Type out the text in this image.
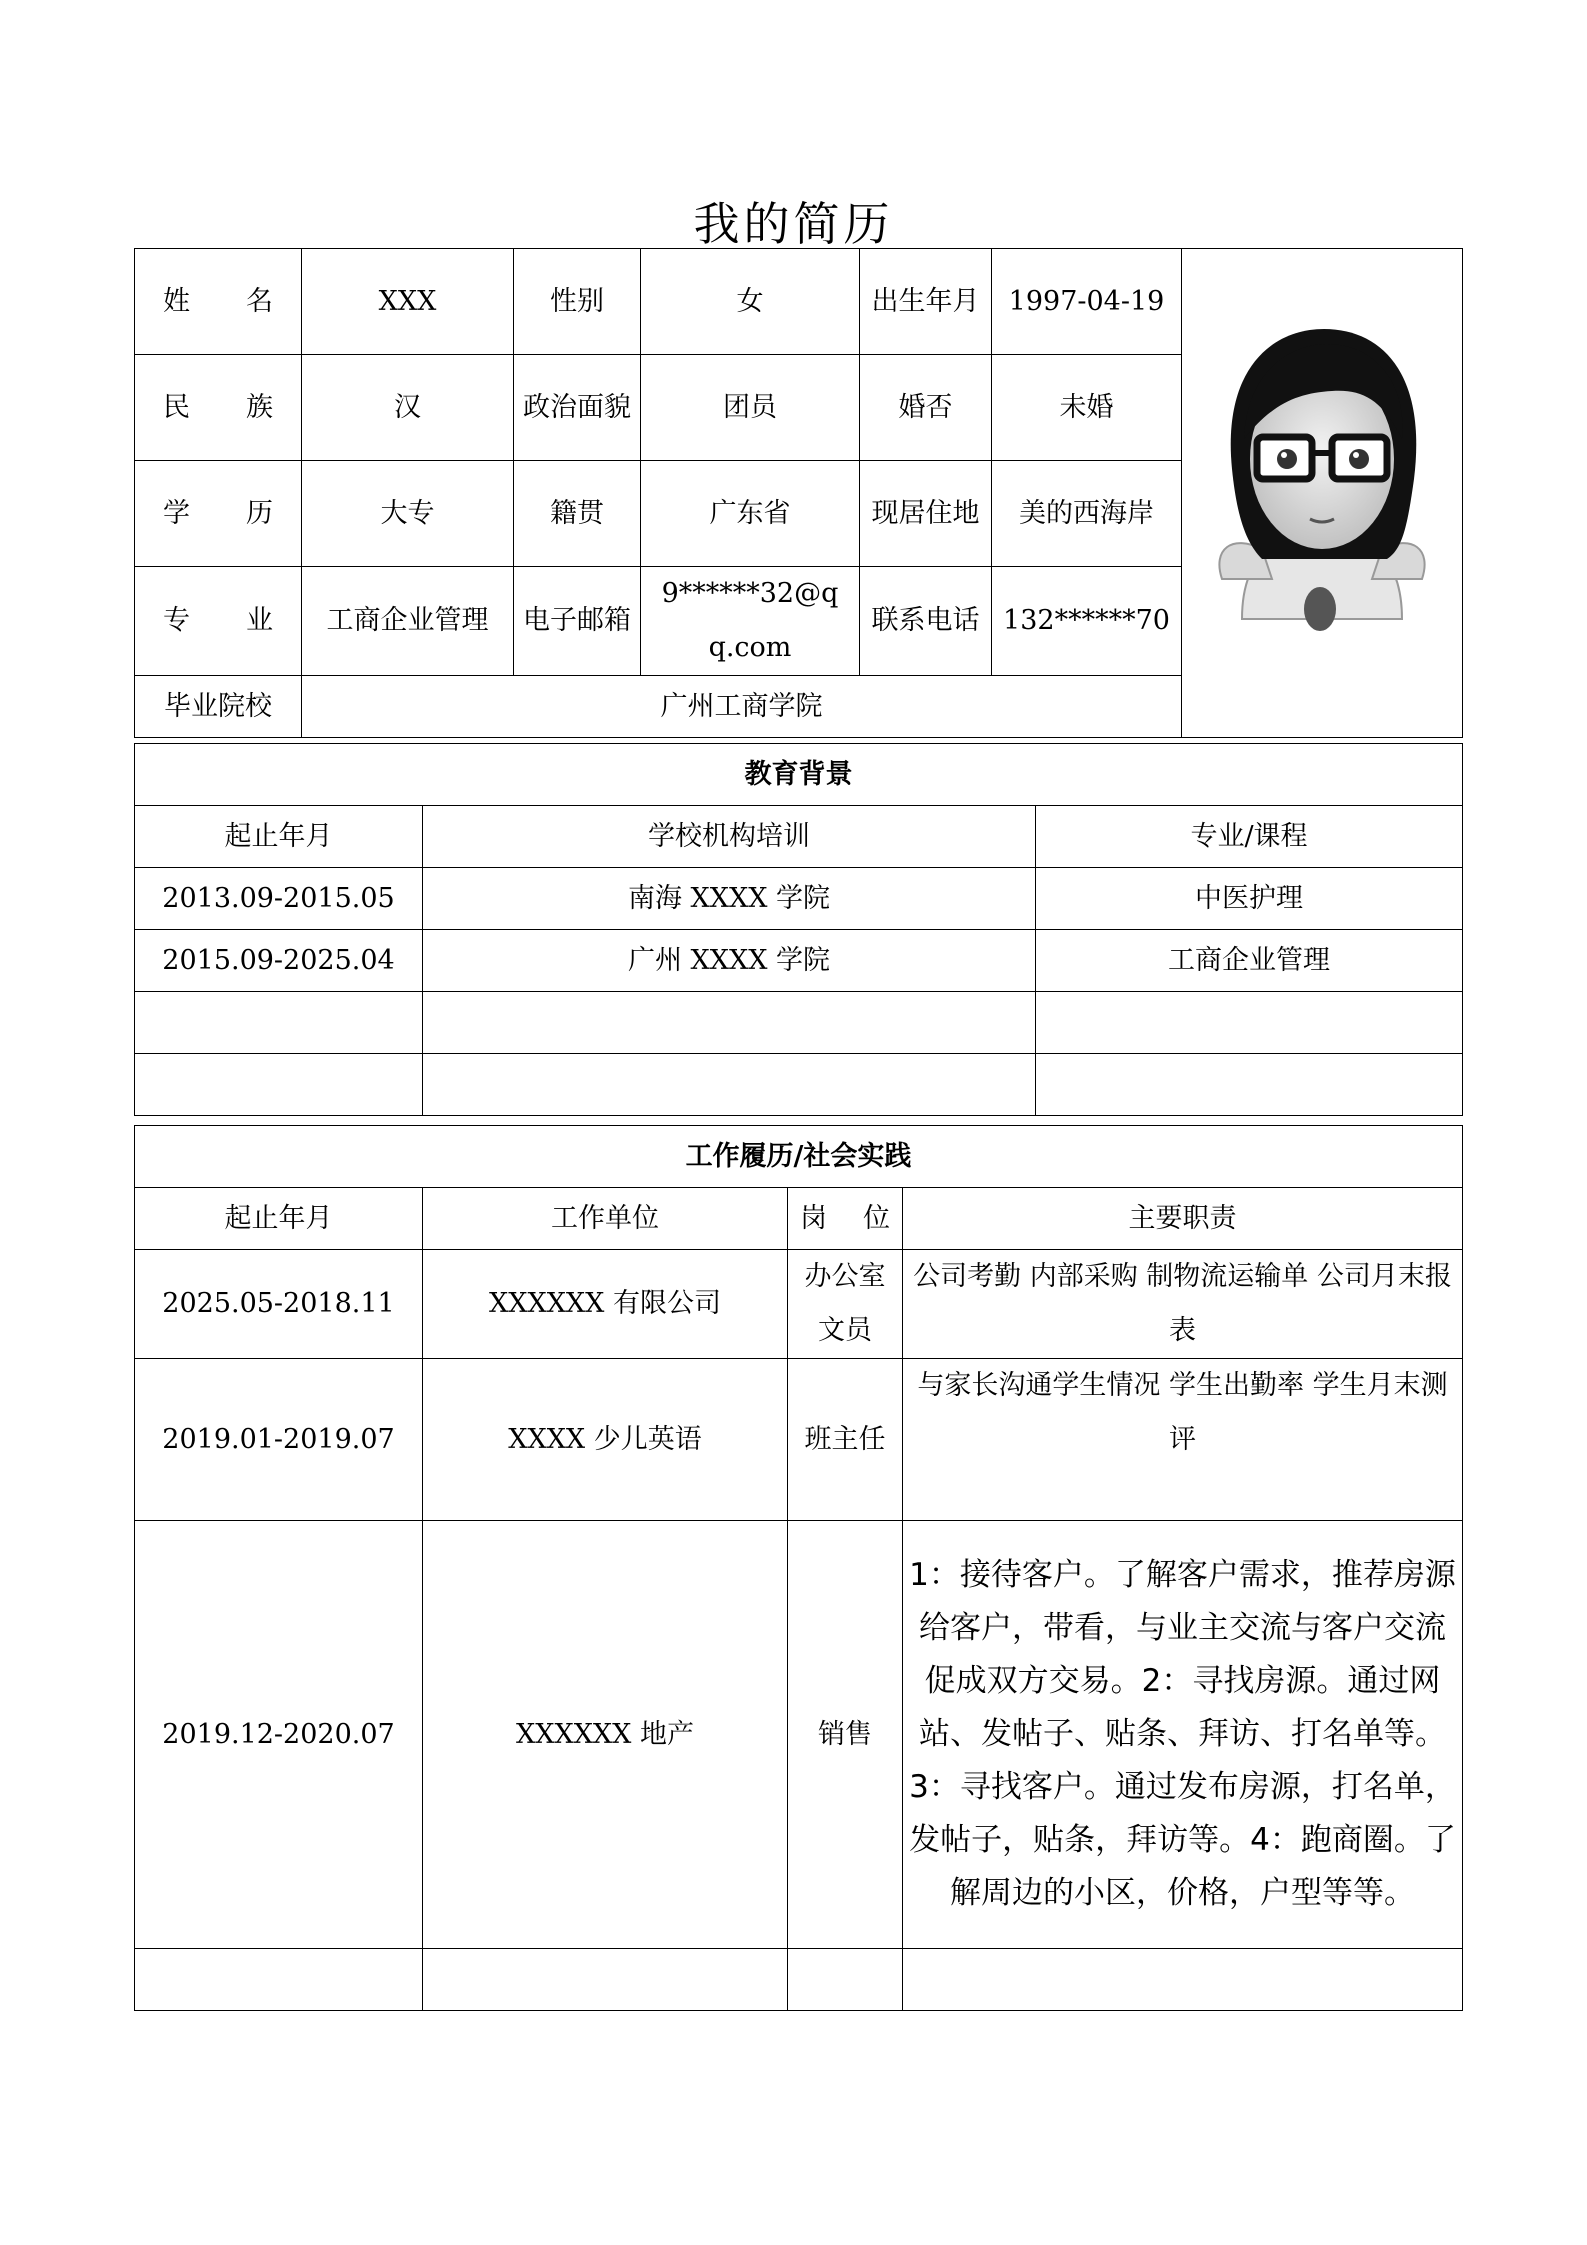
我的简历
姓 名	XXX	性别	女	出生年月	1997-04-19	

民 族	汉	政治面貌	团员	婚否	未婚	

学 历	大专	籍贯	广东省	现居住地	美的西海岸	

专 业	工商企业管理	电子邮箱	9******32@qq.com	联系电话	132******70	
毕业院校	广州工商学院					
教育背景		
起止年月	学校机构培训	专业/课程
2013.09-2015.05	南海 XXXX 学院	中医护理
2015.09-2025.04	广州 XXXX 学院	工商企业管理

工作履历/社会实践			
起止年月	工作单位	岗 位	主要职责
2025.05-2018.11	XXXXXX 有限公司	办公室文员	公司考勤 内部采购 制物流运输单 公司月末报表
2019.01-2019.07	XXXX 少儿英语	班主任	与家长沟通学生情况 学生出勤率 学生月末测评
2019.12-2020.07	XXXXXX 地产	销售	1：接待客户。了解客户需求，推荐房源给客户，带看，与业主交流与客户交流促成双方交易。2：寻找房源。通过网站、发帖子、贴条、拜访、打名单等。3：寻找客户。通过发布房源，打名单，发帖子，贴条，拜访等。4：跑商圈。了解周边的小区，价格，户型等等。
